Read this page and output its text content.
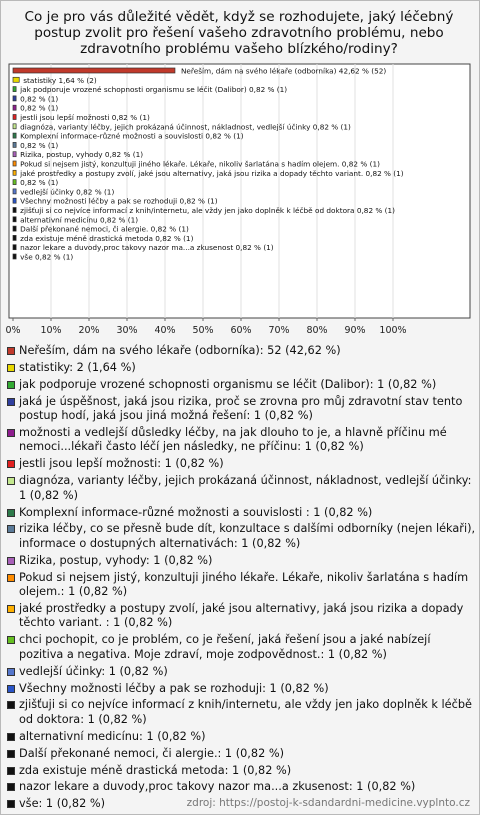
Co je pro vás důležité vědět, když se rozhodujete, jaký léčebný
postup zvolit pro řešení vašeho zdravotního problému, nebo
zdravotního problému vašeho blízkého/rodiny?
0% 10% 20% 30% 40% 50% 60% 70% 80% 90% 100%
Neřeším, dám na svého lékaře (odborníka) 42,62 % (52)
statistiky 1,64 % (2)
jak podporuje vrozené schopnosti organismu se léčit (Dalibor) 0,82 % (1)
0,82 % (1)
0,82 % (1)
jestli jsou lepší možnosti 0,82 % (1)
diagnóza, varianty léčby, jejich prokázaná účinnost, nákladnost, vedlejší účinky 0,82 % (1)
Komplexní informace-různé možnosti a souvislosti 0,82 % (1)
0,82 % (1)
Rizika, postup, vyhody 0,82 % (1)
Pokud si nejsem jistý, konzultuji jiného lékaře. Lékaře, nikoliv šarlatána s hadím olejem. 0,82 % (1)
jaké prostředky a postupy zvolí, jaké jsou alternativy, jaká jsou rizika a dopady těchto variant. 0,82 % (1)
0,82 % (1)
vedlejší účinky 0,82 % (1)
Všechny možnosti léčby a pak se rozhoduji 0,82 % (1)
zjišťuji si co nejvíce informací z knih/internetu, ale vždy jen jako doplněk k léčbě od doktora 0,82 % (1)
alternativní medicínu 0,82 % (1)
Další překonané nemoci, či alergie. 0,82 % (1)
zda existuje méně drastická metoda 0,82 % (1)
nazor lekare a duvody,proc takovy nazor ma...a zkusenost 0,82 % (1)
vše 0,82 % (1)
Neřeším, dám na svého lékaře (odborníka): 52 (42,62 %)
statistiky: 2 (1,64 %)
jak podporuje vrozené schopnosti organismu se léčit (Dalibor): 1 (0,82 %)
jaká je úspěšnost, jaká jsou rizika, proč se zrovna pro můj zdravotní stav tento postup hodí, jaká jsou jiná možná řešení: 1 (0,82 %)
možnosti a vedlejší důsledky léčby, na jak dlouho to je, a hlavně příčinu mé nemoci...lékaři často léčí jen následky, ne příčinu: 1 (0,82 %)
jestli jsou lepší možnosti: 1 (0,82 %)
diagnóza, varianty léčby, jejich prokázaná účinnost, nákladnost, vedlejší účinky: 1 (0,82 %)
Komplexní informace-různé možnosti a souvislosti : 1 (0,82 %)
rizika léčby, co se přesně bude dít, konzultace s dalšími odborníky (nejen lékaři), informace o dostupných alternativách: 1 (0,82 %)
Rizika, postup, vyhody: 1 (0,82 %)
Pokud si nejsem jistý, konzultuji jiného lékaře. Lékaře, nikoliv šarlatána s hadím olejem.: 1 (0,82 %)
jaké prostředky a postupy zvolí, jaké jsou alternativy, jaká jsou rizika a dopady těchto variant. : 1 (0,82 %)
chci pochopit, co je problém, co je řešení, jaká řešení jsou a jaké nabízejí pozitiva a negativa. Moje zdraví, moje zodpovědnost.: 1 (0,82 %)
vedlejší účinky: 1 (0,82 %)
Všechny možnosti léčby a pak se rozhoduji: 1 (0,82 %)
zjišťuji si co nejvíce informací z knih/internetu, ale vždy jen jako doplněk k léčbě od doktora: 1 (0,82 %)
alternativní medicínu: 1 (0,82 %)
Další překonané nemoci, či alergie.: 1 (0,82 %)
zda existuje méně drastická metoda: 1 (0,82 %)
nazor lekare a duvody,proc takovy nazor ma...a zkusenost: 1 (0,82 %)
vše: 1 (0,82 %)	zdroj: https://postoj-k-sdandardni-medicine.vyplnto.cz
